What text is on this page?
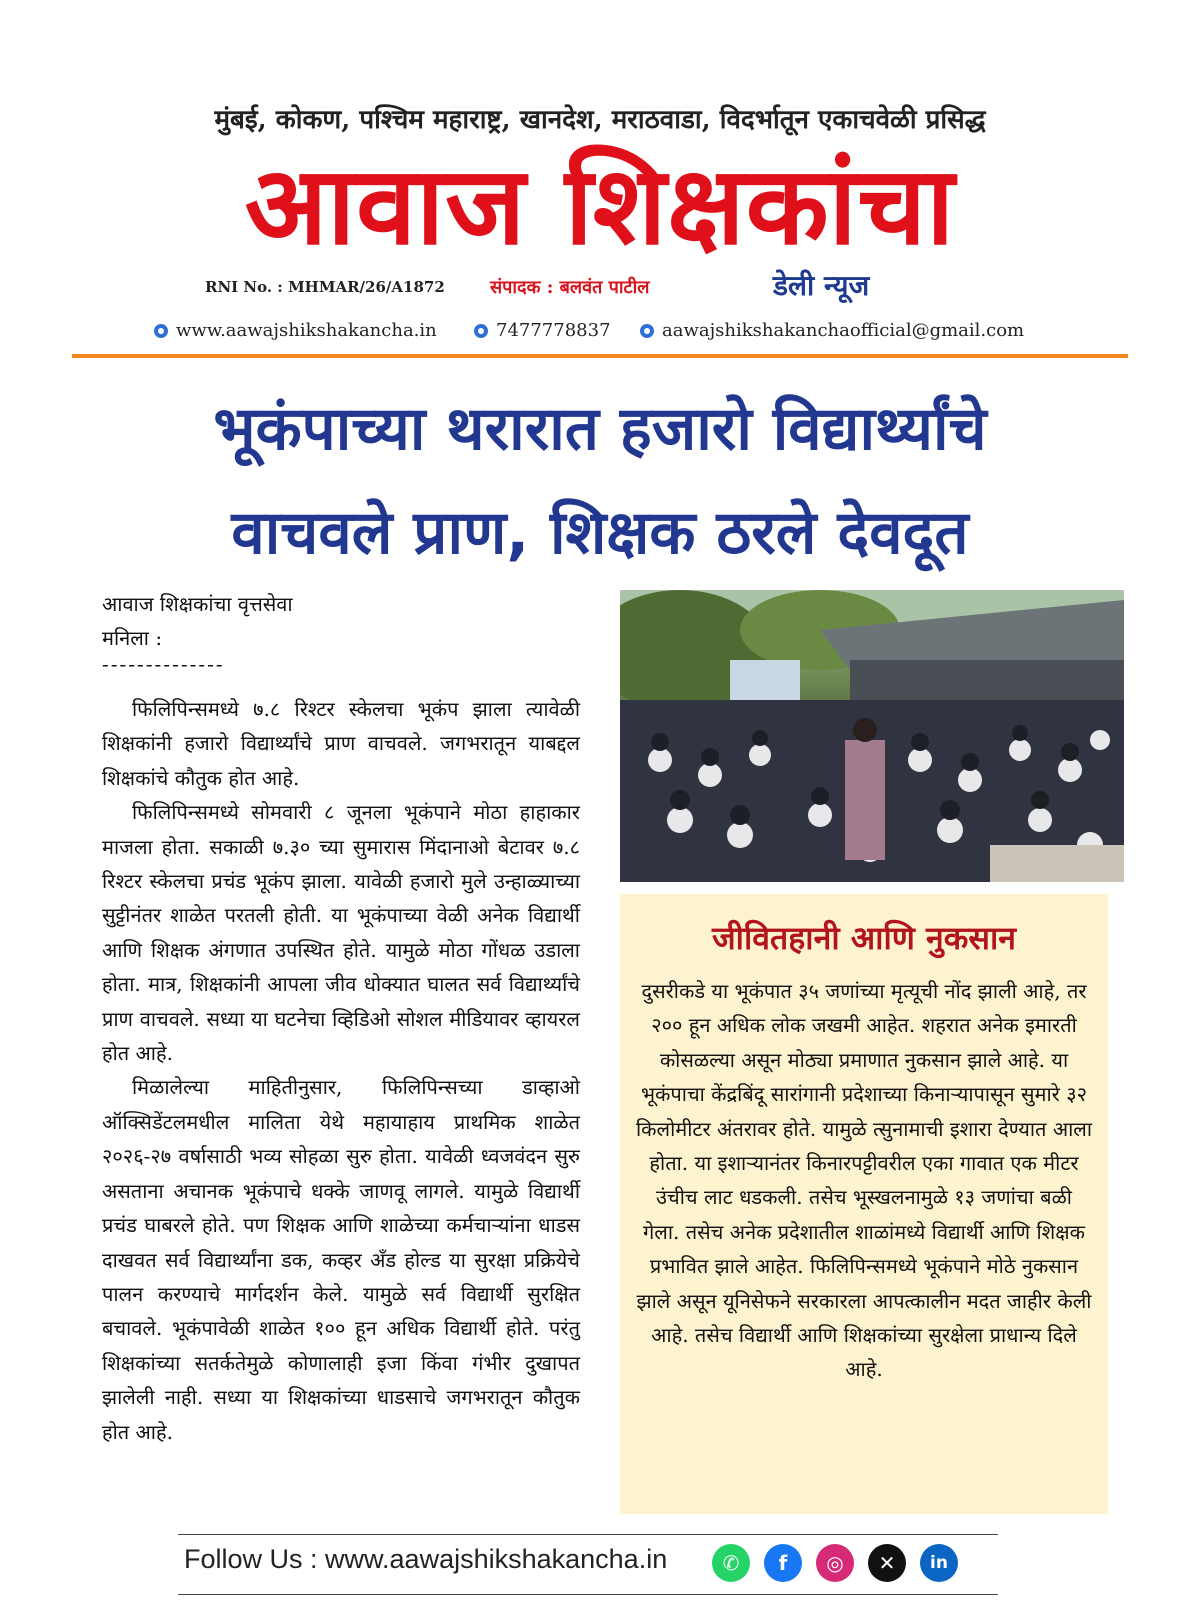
मुंबई, कोकण, पश्चिम महाराष्ट्र, खानदेश, मराठवाडा, विदर्भातून एकाचवेळी प्रसिद्ध
आवाज शिक्षकांचा
RNI No. : MHMAR/26/A1872	संपादक : बलवंत पाटील	डेली न्यूज
www.aawajshikshakancha.in	7477778837	aawajshikshakanchaofficial@gmail.com
भूकंपाच्या थरारात हजारो विद्यार्थ्यांचे
वाचवले प्राण, शिक्षक ठरले देवदूत
आवाज शिक्षकांचा वृत्तसेवा
मनिला :
--------------

फिलिपिन्समध्ये ७.८ रिश्टर स्केलचा भूकंप झाला त्यावेळी शिक्षकांनी हजारो विद्यार्थ्यांचे प्राण वाचवले. जगभरातून याबद्दल शिक्षकांचे कौतुक होत आहे.

फिलिपिन्समध्ये सोमवारी ८ जूनला भूकंपाने मोठा हाहाकार माजला होता. सकाळी ७.३० च्या सुमारास मिंदानाओ बेटावर ७.८ रिश्टर स्केलचा प्रचंड भूकंप झाला. यावेळी हजारो मुले उन्हाळ्याच्या सुट्टीनंतर शाळेत परतली होती. या भूकंपाच्या वेळी अनेक विद्यार्थी आणि शिक्षक अंगणात उपस्थित होते. यामुळे मोठा गोंधळ उडाला होता. मात्र, शिक्षकांनी आपला जीव धोक्यात घालत सर्व विद्यार्थ्यांचे प्राण वाचवले. सध्या या घटनेचा व्हिडिओ सोशल मीडियावर व्हायरल होत आहे.

मिळालेल्या माहितीनुसार, फिलिपिन्सच्या डाव्हाओ ऑक्सिडेंटलमधील मालिता येथे महायाहाय प्राथमिक शाळेत २०२६-२७ वर्षासाठी भव्य सोहळा सुरु होता. यावेळी ध्वजवंदन सुरु असताना अचानक भूकंपाचे धक्के जाणवू लागले. यामुळे विद्यार्थी प्रचंड घाबरले होते. पण शिक्षक आणि शाळेच्या कर्मचाऱ्यांना धाडस दाखवत सर्व विद्यार्थ्यांना डक, कव्हर अँड होल्ड या सुरक्षा प्रक्रियेचे पालन करण्याचे मार्गदर्शन केले. यामुळे सर्व विद्यार्थी सुरक्षित बचावले. भूकंपावेळी शाळेत १०० हून अधिक विद्यार्थी होते. परंतु शिक्षकांच्या सतर्कतेमुळे कोणालाही इजा किंवा गंभीर दुखापत झालेली नाही. सध्या या शिक्षकांच्या धाडसाचे जगभरातून कौतुक होत आहे.

जीवितहानी आणि नुकसान
दुसरीकडे या भूकंपात ३५ जणांच्या मृत्यूची नोंद झाली आहे, तर २०० हून अधिक लोक जखमी आहेत. शहरात अनेक इमारती कोसळल्या असून मोठ्या प्रमाणात नुकसान झाले आहे. या भूकंपाचा केंद्रबिंदू सारांगानी प्रदेशाच्या किनाऱ्यापासून सुमारे ३२ किलोमीटर अंतरावर होते. यामुळे त्सुनामाची इशारा देण्यात आला होता. या इशाऱ्यानंतर किनारपट्टीवरील एका गावात एक मीटर उंचीच लाट धडकली. तसेच भूस्खलनामुळे १३ जणांचा बळी गेला. तसेच अनेक प्रदेशातील शाळांमध्ये विद्यार्थी आणि शिक्षक प्रभावित झाले आहेत. फिलिपिन्समध्ये भूकंपाने मोठे नुकसान झाले असून यूनिसेफने सरकारला आपत्कालीन मदत जाहीर केली आहे. तसेच विद्यार्थी आणि शिक्षकांच्या सुरक्षेला प्राधान्य दिले आहे.
Follow Us : www.aawajshikshakancha.in	✆	f	◎	✕	in
